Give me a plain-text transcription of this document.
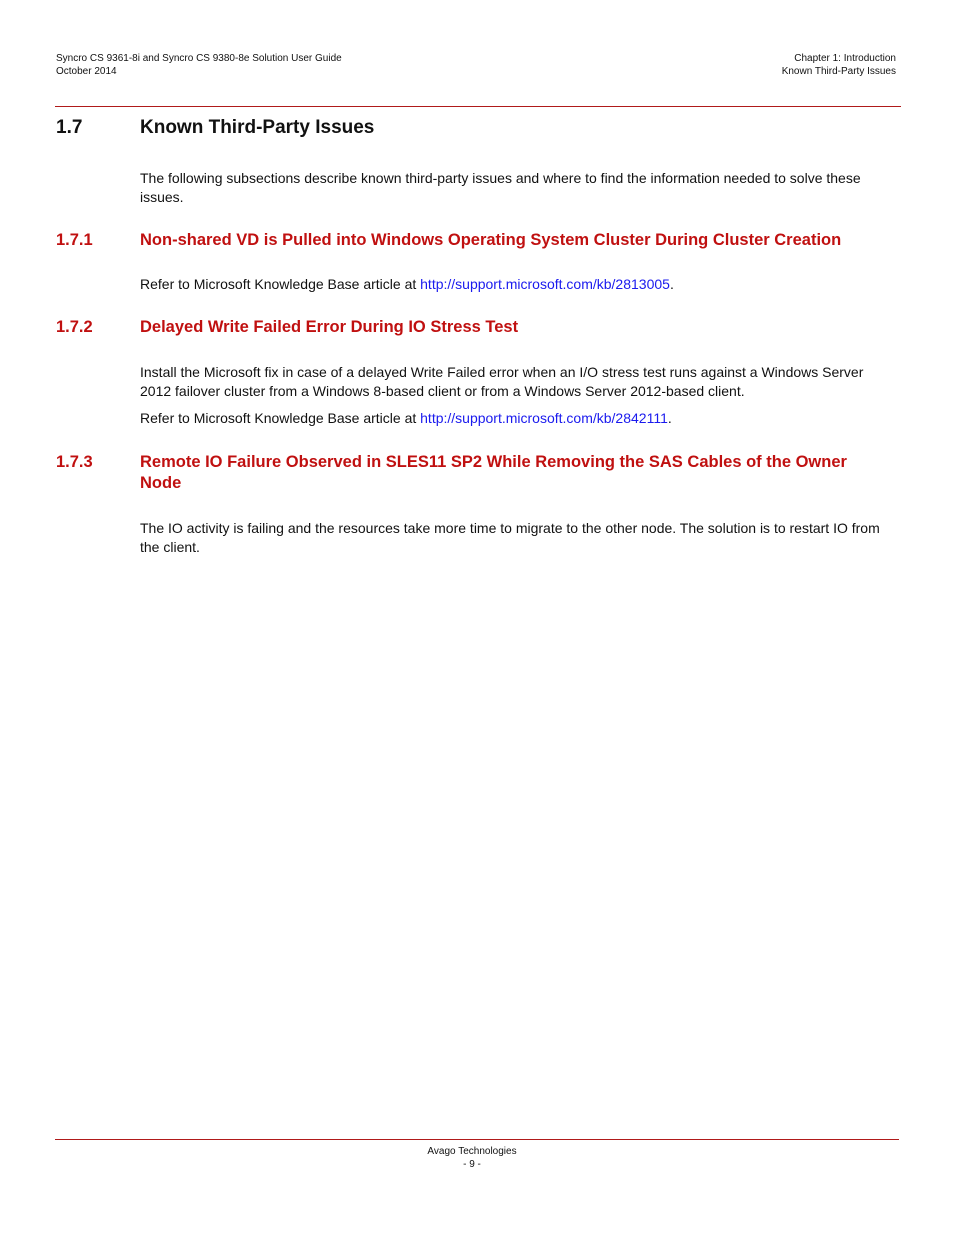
Syncro CS 9361-8i and Syncro CS 9380-8e Solution User Guide
October 2014
Chapter 1: Introduction
Known Third-Party Issues
1.7	Known Third-Party Issues

The following subsections describe known third-party issues and where to find the information needed to solve these issues.

1.7.1	Non-shared VD is Pulled into Windows Operating System Cluster During Cluster Creation

Refer to Microsoft Knowledge Base article at http://support.microsoft.com/kb/2813005.

1.7.2	Delayed Write Failed Error During IO Stress Test

Install the Microsoft fix in case of a delayed Write Failed error when an I/O stress test runs against a Windows Server 2012 failover cluster from a Windows 8-based client or from a Windows Server 2012-based client.

Refer to Microsoft Knowledge Base article at http://support.microsoft.com/kb/2842111.

1.7.3	Remote IO Failure Observed in SLES11 SP2 While Removing the SAS Cables of the Owner Node

The IO activity is failing and the resources take more time to migrate to the other node. The solution is to restart IO from the client.

Avago Technologies
- 9 -
